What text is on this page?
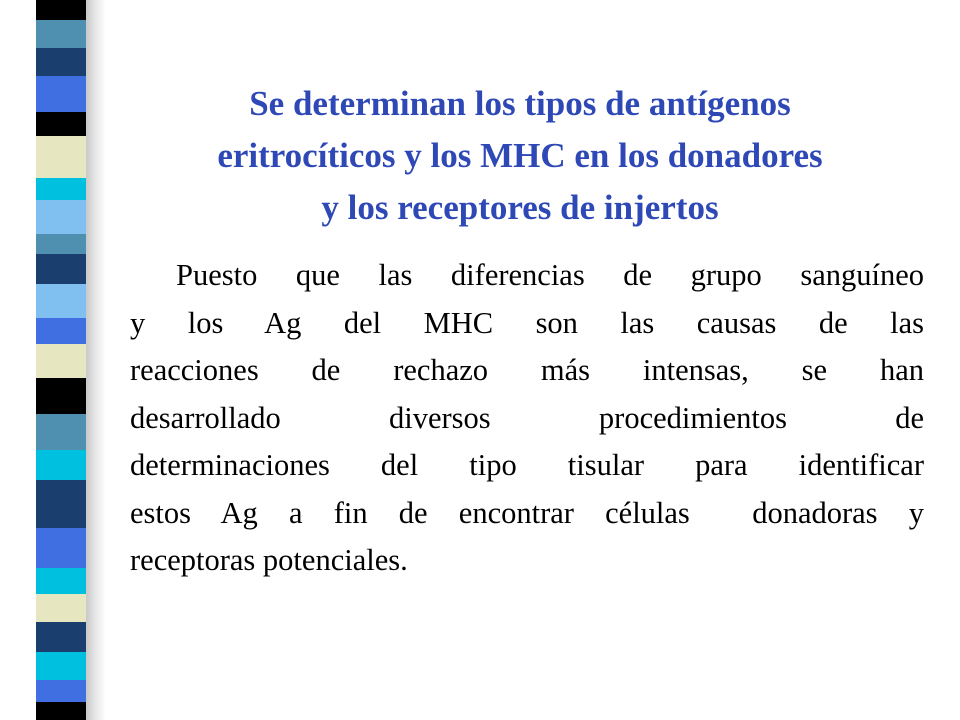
Se determinan los tipos de antígenos
eritrocíticos y los MHC en los donadores
y los receptores de injertos

Puesto que las diferencias de grupo sanguíneo
y los Ag del MHC son las causas de las
reacciones de rechazo más intensas, se han
desarrollado diversos procedimientos de
determinaciones del tipo tisular para identificar
estos Ag a fin de encontrar células  donadoras y
receptoras potenciales.
